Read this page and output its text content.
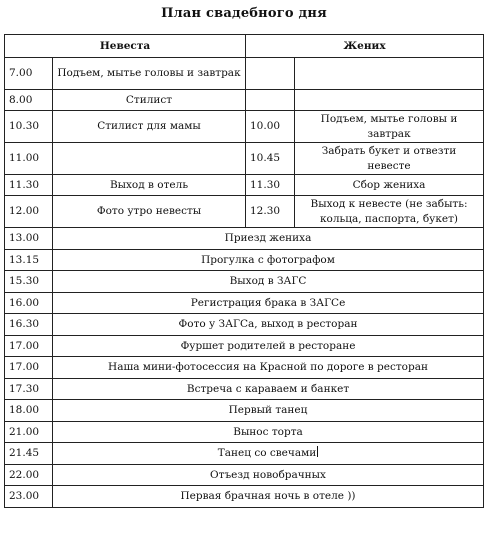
План свадебного дня
Невеста		Жених	
7.00	Подъем, мытье головы и завтрак		
8.00	Стилист		
10.30	Стилист для мамы	10.00	Подъем, мытье головы и завтрак
11.00		10.45	Забрать букет и отвезти невесте
11.30	Выход в отель	11.30	Сбор жениха
12.00	Фото утро невесты	12.30	Выход к невесте (не забыть: кольца, паспорта, букет)
13.00	Приезд жениха		
13.15	Прогулка с фотографом		
15.30	Выход в ЗАГС		
16.00	Регистрация брака в ЗАГСе		
16.30	Фото у ЗАГСа, выход в ресторан		
17.00	Фуршет родителей в ресторане		
17.00	Наша мини-фотосессия на Красной по дороге в ресторан		
17.30	Встреча с караваем и банкет		
18.00	Первый танец		
21.00	Вынос торта		
21.45	Танец со свечами		
22.00	Отъезд новобрачных		
23.00	Первая брачная ночь в отеле ))		
